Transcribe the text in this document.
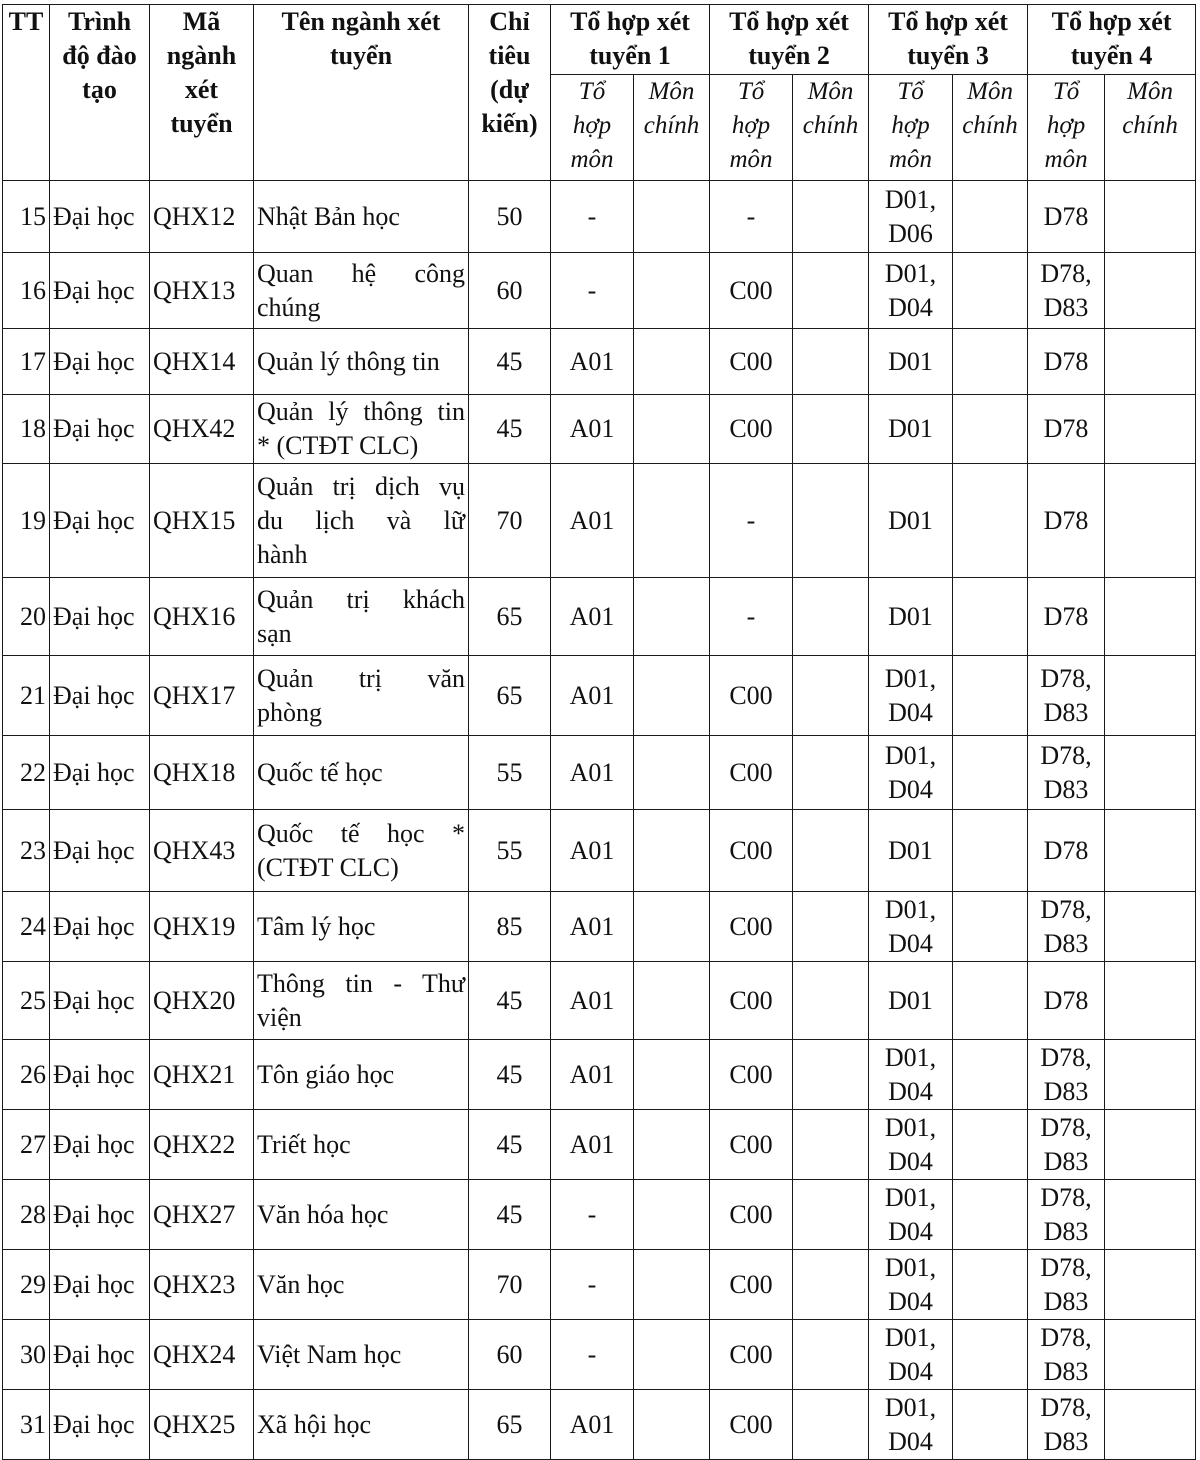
TT	Trình
độ đào
tạo	Mã
ngành
xét
tuyển	Tên ngành xét
tuyển	Chỉ
tiêu
(dự
kiến)	Tổ hợp xét
tuyển 1		Tổ hợp xét
tuyển 2		Tổ hợp xét
tuyển 3		Tổ hợp xét
tuyển 4	

					Tổ
hợp
môn	Môn
chính	Tổ
hợp
môn	Môn
chính	Tổ
hợp
môn	Môn
chính	Tổ
hợp
môn	Môn
chính

15	Đại học	QHX12	Nhật Bản học	50	-		-		D01,
D06		D78	

16	Đại học	QHX13	Quan hệ công
chúng	60	-		C00		D01,
D04		D78,
D83	

17	Đại học	QHX14	Quản lý thông tin	45	A01		C00		D01		D78	

18	Đại học	QHX42	Quản lý thông tin
* (CTĐT CLC)	45	A01		C00		D01		D78	

19	Đại học	QHX15	Quản trị dịch vụ
du lịch và lữ
hành	70	A01		-		D01		D78	

20	Đại học	QHX16	Quản trị khách
sạn	65	A01		-		D01		D78	

21	Đại học	QHX17	Quản trị văn
phòng	65	A01		C00		D01,
D04		D78,
D83	

22	Đại học	QHX18	Quốc tế học	55	A01		C00		D01,
D04		D78,
D83	

23	Đại học	QHX43	Quốc tế học *
(CTĐT CLC)	55	A01		C00		D01		D78	

24	Đại học	QHX19	Tâm lý học	85	A01		C00		D01,
D04		D78,
D83	

25	Đại học	QHX20	Thông tin - Thư
viện	45	A01		C00		D01		D78	

26	Đại học	QHX21	Tôn giáo học	45	A01		C00		D01,
D04		D78,
D83	

27	Đại học	QHX22	Triết học	45	A01		C00		D01,
D04		D78,
D83	

28	Đại học	QHX27	Văn hóa học	45	-		C00		D01,
D04		D78,
D83	

29	Đại học	QHX23	Văn học	70	-		C00		D01,
D04		D78,
D83	

30	Đại học	QHX24	Việt Nam học	60	-		C00		D01,
D04		D78,
D83	

31	Đại học	QHX25	Xã hội học	65	A01		C00		D01,
D04		D78,
D83	
